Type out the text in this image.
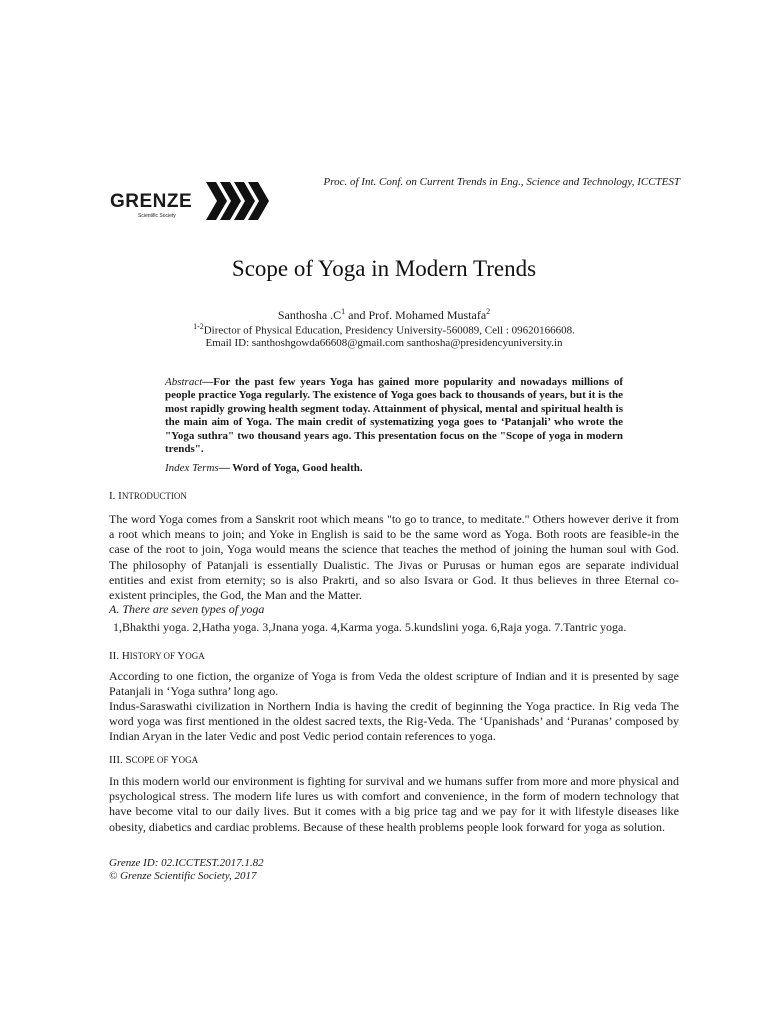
Proc. of Int. Conf. on Current Trends in Eng., Science and Technology, ICCTEST
GRENZE
Scientific Society
Scope of Yoga in Modern Trends
Santhosha $.C^1$ and Prof. Mohamed Mustafa$^2$
$^{1-2}$Director of Physical Education, Presidency University-560089, Cell : 09620166608.
Email ID: santhoshgowda66608@gmail.com santhosha@presidencyuniversity.in
Abstract—For the past few years Yoga has gained more popularity and nowadays millions of people practice Yoga regularly. The existence of Yoga goes back to thousands of years, but it is the most rapidly growing health segment today. Attainment of physical, mental and spiritual health is the main aim of Yoga. The main credit of systematizing yoga goes to ‘Patanjali’ who wrote the "Yoga suthra" two thousand years ago. This presentation focus on the "Scope of yoga in modern trends".
Index Terms— Word of Yoga, Good health.
I. INTRODUCTION
The word Yoga comes from a Sanskrit root which means "to go to trance, to meditate." Others however derive it from a root which means to join; and Yoke in English is said to be the same word as Yoga. Both roots are feasible-in the case of the root to join, Yoga would means the science that teaches the method of joining the human soul with God. The philosophy of Patanjali is essentially Dualistic. The Jivas or Purusas or human egos are separate individual entities and exist from eternity; so is also Prakrti, and so also Isvara or God. It thus believes in three Eternal co-existent principles, the God, the Man and the Matter.
A. There are seven types of yoga
1,Bhakthi yoga. 2,Hatha yoga. 3,Jnana yoga. 4,Karma yoga. 5.kundslini yoga. 6,Raja yoga. 7.Tantric yoga.
II. HISTORY OF YOGA
According to one fiction, the organize of Yoga is from Veda the oldest scripture of Indian and it is presented by sage Patanjali in ‘Yoga suthra’ long ago.
Indus-Saraswathi civilization in Northern India is having the credit of beginning the Yoga practice. In Rig veda The word yoga was first mentioned in the oldest sacred texts, the Rig-Veda. The ‘Upanishads’ and ‘Puranas’ composed by Indian Aryan in the later Vedic and post Vedic period contain references to yoga.
III. SCOPE OF YOGA
In this modern world our environment is fighting for survival and we humans suffer from more and more physical and psychological stress. The modern life lures us with comfort and convenience, in the form of modern technology that have become vital to our daily lives. But it comes with a big price tag and we pay for it with lifestyle diseases like obesity, diabetics and cardiac problems. Because of these health problems people look forward for yoga as solution.
Grenze ID: 02.ICCTEST.2017.1.82
© Grenze Scientific Society, 2017
